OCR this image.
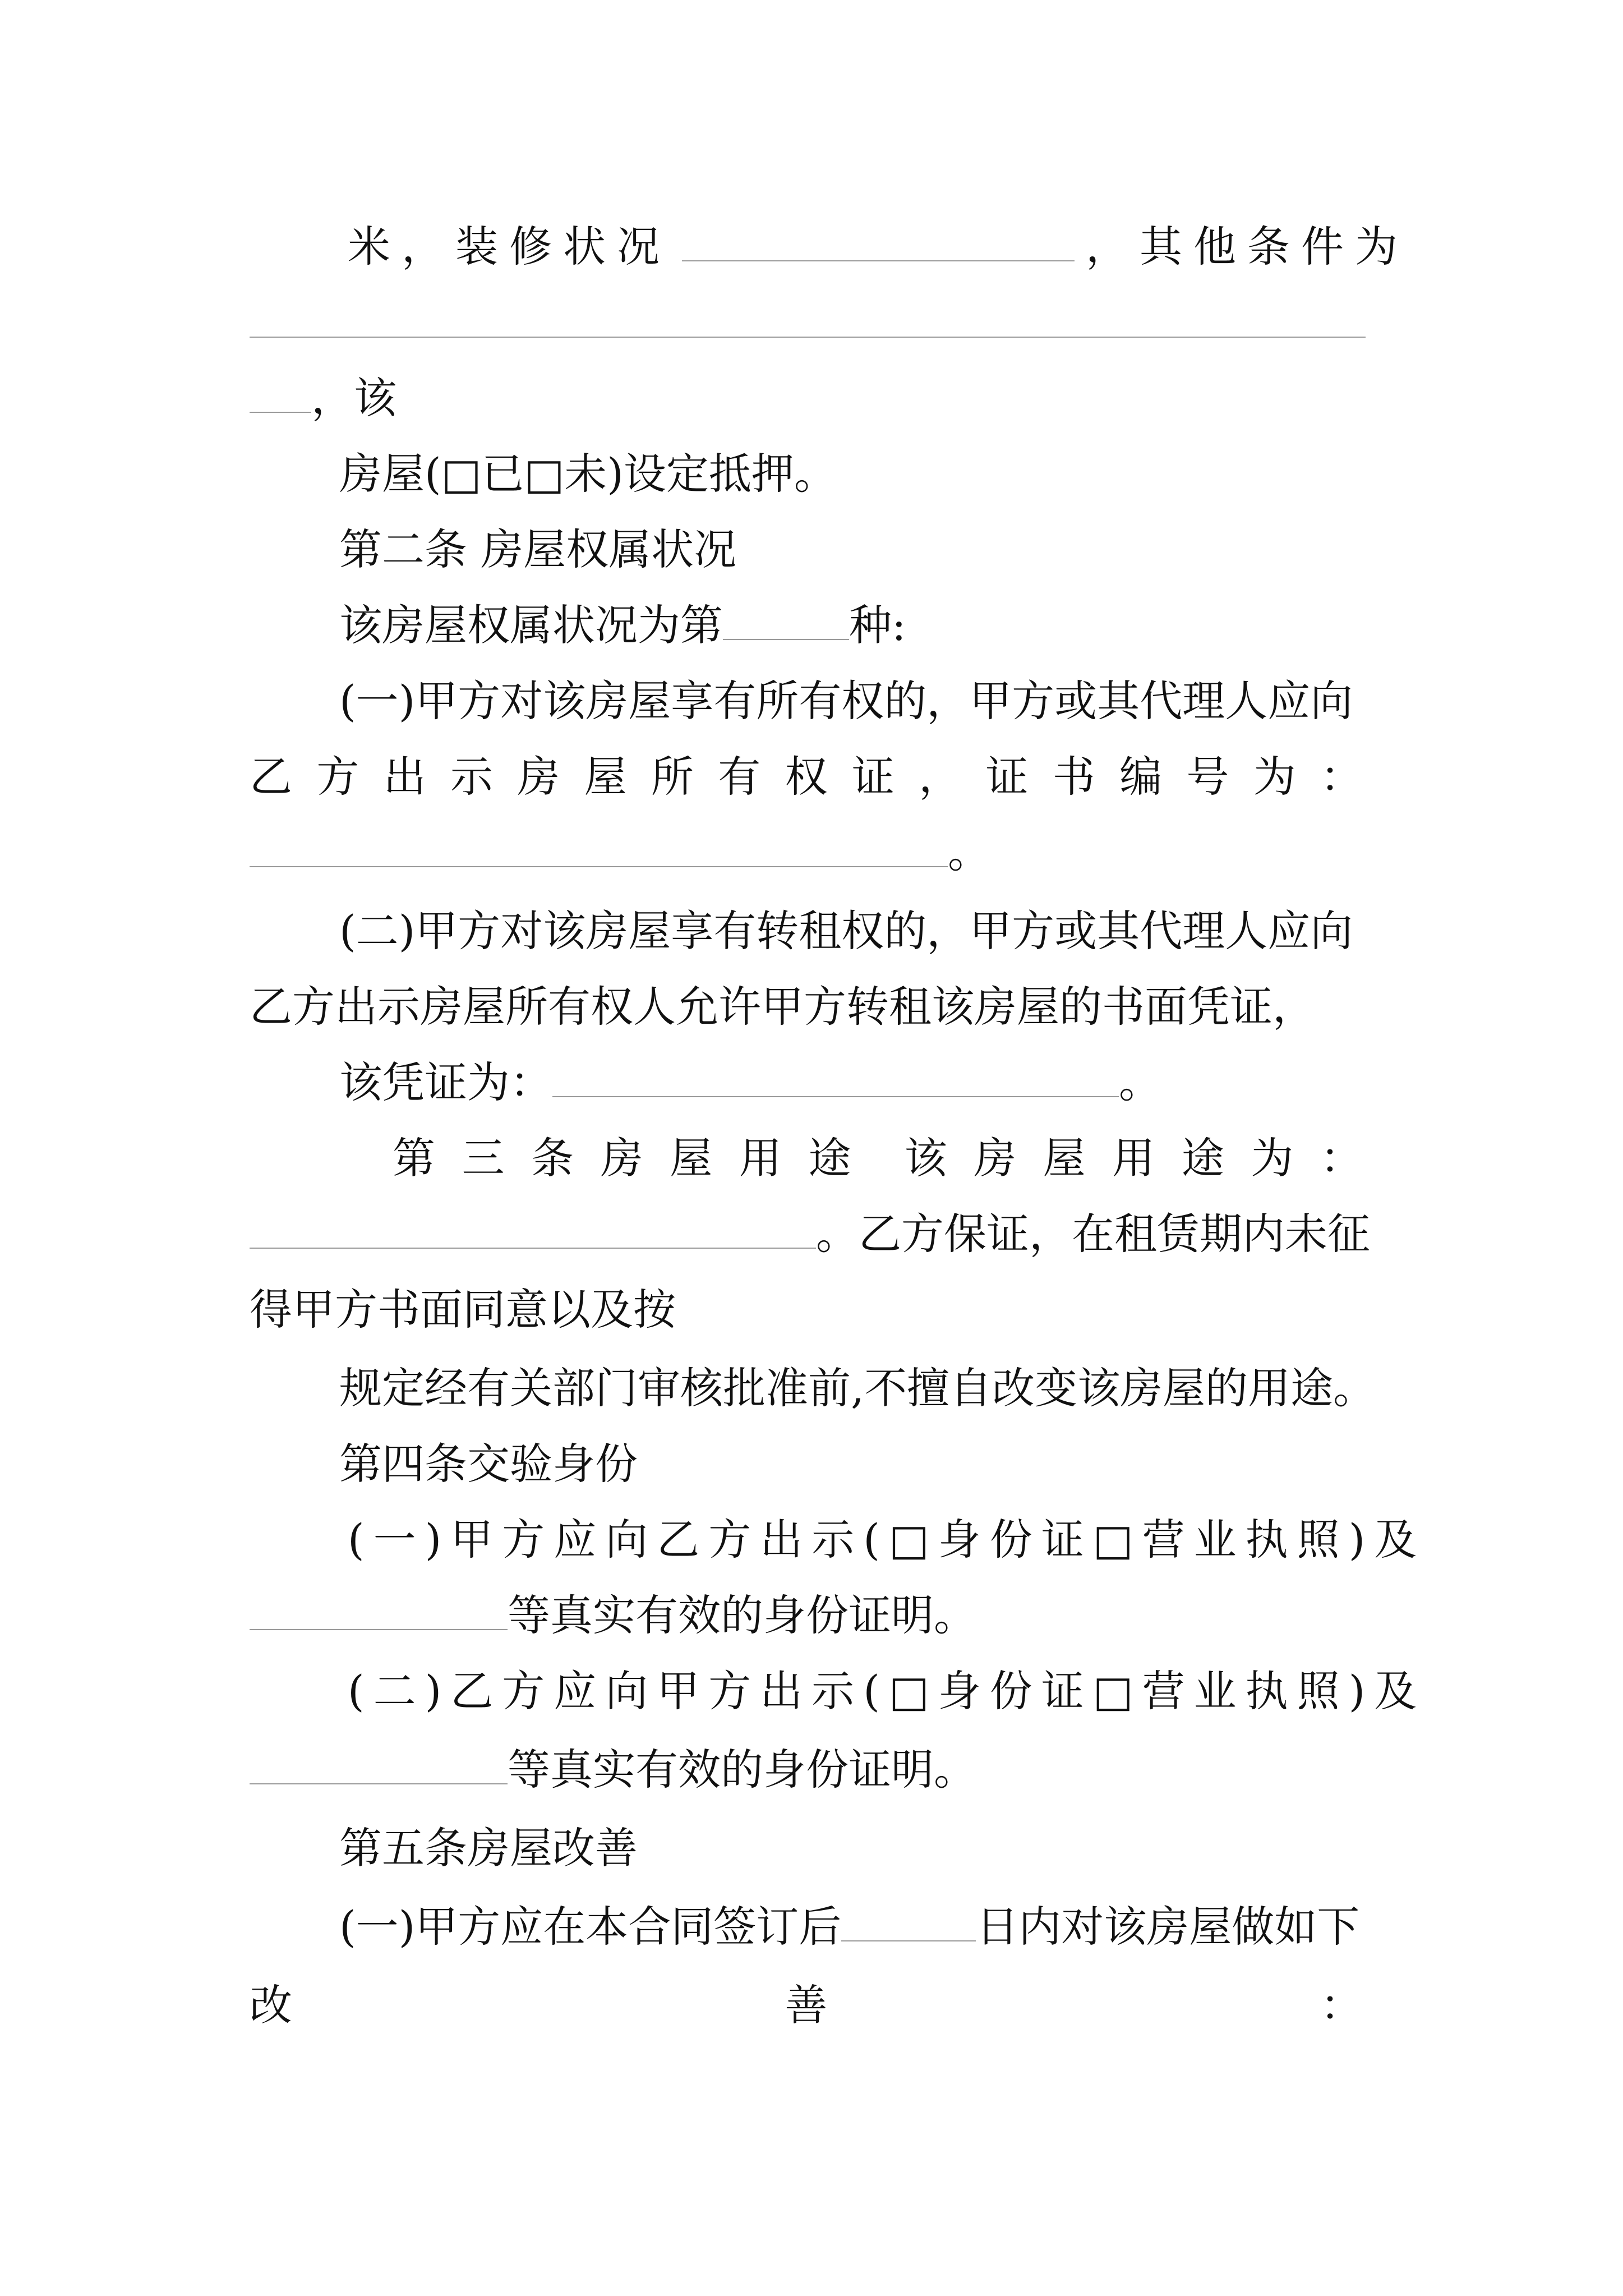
米，装修状况	，其他条件为
，该
房屋(□已□未)设定抵押。
第二条 房屋权属状况
该房屋权属状况为第	种:
(一)甲方对该房屋享有所有权的，甲方或其代理人应向
乙 方 出 示 房 屋 所 有 权 证 ， 证 书 编 号 为 ：
。
(二)甲方对该房屋享有转租权的，甲方或其代理人应向
乙方出示房屋所有权人允许甲方转租该房屋的书面凭证，
该凭证为：	。
第 三 条 房 屋 用 途 该 房 屋 用 途 为 ：
。乙方保证，在租赁期内未征
得甲方书面同意以及按
规定经有关部门审核批准前,不擅自改变该房屋的用途。
第四条交验身份
(一)甲方应向乙方出示(□身份证□营业执照)及
等真实有效的身份证明。
(二)乙方应向甲方出示(□身份证□营业执照)及
等真实有效的身份证明。
第五条房屋改善
(一)甲方应在本合同签订后	日内对该房屋做如下
改	善	：
